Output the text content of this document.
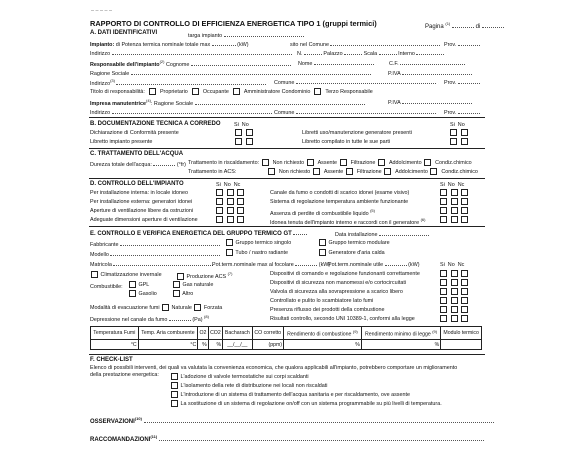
– – – – –
RAPPORTO DI CONTROLLO DI EFFICIENZA ENERGETICA TIPO 1 (gruppi termici)	Pagina $^{(1)}$  di
A. DATI IDENTIFICATIVI	targa impianto
Impianto: di Potenza termica nominale totale max	(kW)	sito nel Comune	Prov.
Indirizzo	N.	Palazzo	Scala	Interno
Responsabile dell'impianto$^{(2)}$ Cognome	Nome	C.F.
Ragione Sociale	P.IVA
Indirizzo$^{(3)}$	Comune	Prov.
Titolo di responsabilità:	Proprietario	Occupante	Amministratore Condominio	Terzo Responsabile
Impresa manutentrice$^{(4)}$: Ragione Sociale	P.IVA
Indirizzo	Comune	Prov.
B. DOCUMENTAZIONE TECNICA A CORREDO Si No	Si No
Dichiarazione di Conformità presente
Libretto impianto presente

Libretti uso/manutenzione generatore presenti
Libretto compilato in tutte le sue parti

C. TRATTAMENTO DELL'ACQUA
Durezza totale dell'acqua:	(°fr) Trattamento in riscaldamento:	Non richiesto	Assente	Filtrazione	Addolcimento	Condiz.chimico
Trattamento in ACS:	Non richiesto	Assente	Filtrazione	Addolcimento	Condiz.chimico
D. CONTROLLO DELL'IMPIANTO	Si No Nc	Si No Nc
Per installazione interna: in locale idoneo
Per installazione esterna: generatori idonei
Aperture di ventilazione libere da ostruzioni
Adeguate dimensioni aperture di ventilazione

Canale da fumo o condotti di scarico idonei (esame visivo)
Sistema di regolazione temperatura ambiente funzionante
Assenza di perdite di combustibile liquido $^{(5)}$
Idonea tenuta dell'impianto interno e raccordi con il generatore $^{(6)}$

E. CONTROLLO E VERIFICA ENERGETICA DEL GRUPPO TERMICO GT	Data installazione
Fabbricante
Modello
Matricola
Gruppo termico singolo	Gruppo termico modulare
Tubo / nastro radiante	Generatore d'aria calda
Pot.term.nominale max al focolare	(kW)
Pot.term.nominale utile	(kW)
Climatizzazione invernale	Produzione ACS $^{(7)}$
Combustibile:	GPL	Gas naturale
Gasolio	Altro
Modalità di evacuazione fumi Naturale Forzata
Depressione nel canale da fumo	(Pa) $^{(8)}$
Si No Nc
Dispositivi di comando e regolazione funzionanti correttamente
Dispositivi di sicurezza non manomessi e/o cortocircuitati
Valvola di sicurezza alla sovrapressione a scarico libero
Controllato e pulito lo scambiatore lato fumi
Presenza riflusso dei prodotti della combustione
Risultati controllo, secondo UNI 10389-1, conformi alla legge

Temperatura Fumi	Temp. Aria comburente	O2	CO2	Bacharach	CO corretto	Rendimento di combustione $^{(9)}$	Rendimento minimo di legge $^{(9)}$	Modulo termico
°C	°C	%	%	__/__/__	(ppm)	%	%	
F. CHECK-LIST
Elenco di possibili interventi, dei quali va valutata la convenienza economica, che qualora applicabili all'impianto, potrebbero comportare un miglioramento
della prestazione energetica:	L'adozione di valvole termostatiche sui corpi scaldanti
L'isolamento della rete di distribuzione nei locali non riscaldati
L'introduzione di un sistema di trattamento dell'acqua sanitaria e per riscaldamento, ove assente
La sostituzione di un sistema di regolazione on/off con un sistema programmabile su più livelli di temperatura.
OSSERVAZIONI$^{(10)}$
RACCOMANDAZIONI$^{(11)}$
